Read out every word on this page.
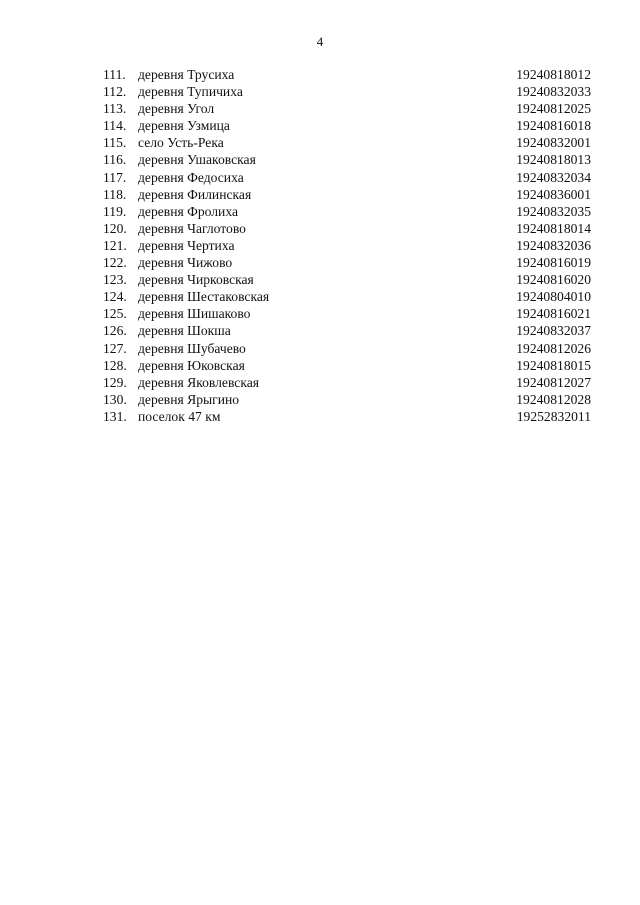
4
111. деревня Трусиха	19240818012
112. деревня Тупичиха	19240832033
113. деревня Угол	19240812025
114. деревня Узмица	19240816018
115. село Усть-Река	19240832001
116. деревня Ушаковская	19240818013
117. деревня Федосиха	19240832034
118. деревня Филинская	19240836001
119. деревня Фролиха	19240832035
120. деревня Чаглотово	19240818014
121. деревня Чертиха	19240832036
122. деревня Чижово	19240816019
123. деревня Чирковская	19240816020
124. деревня Шестаковская	19240804010
125. деревня Шишаково	19240816021
126. деревня Шокша	19240832037
127. деревня Шубачево	19240812026
128. деревня Юковская	19240818015
129. деревня Яковлевская	19240812027
130. деревня Ярыгино	19240812028
131. поселок 47 км	19252832011
